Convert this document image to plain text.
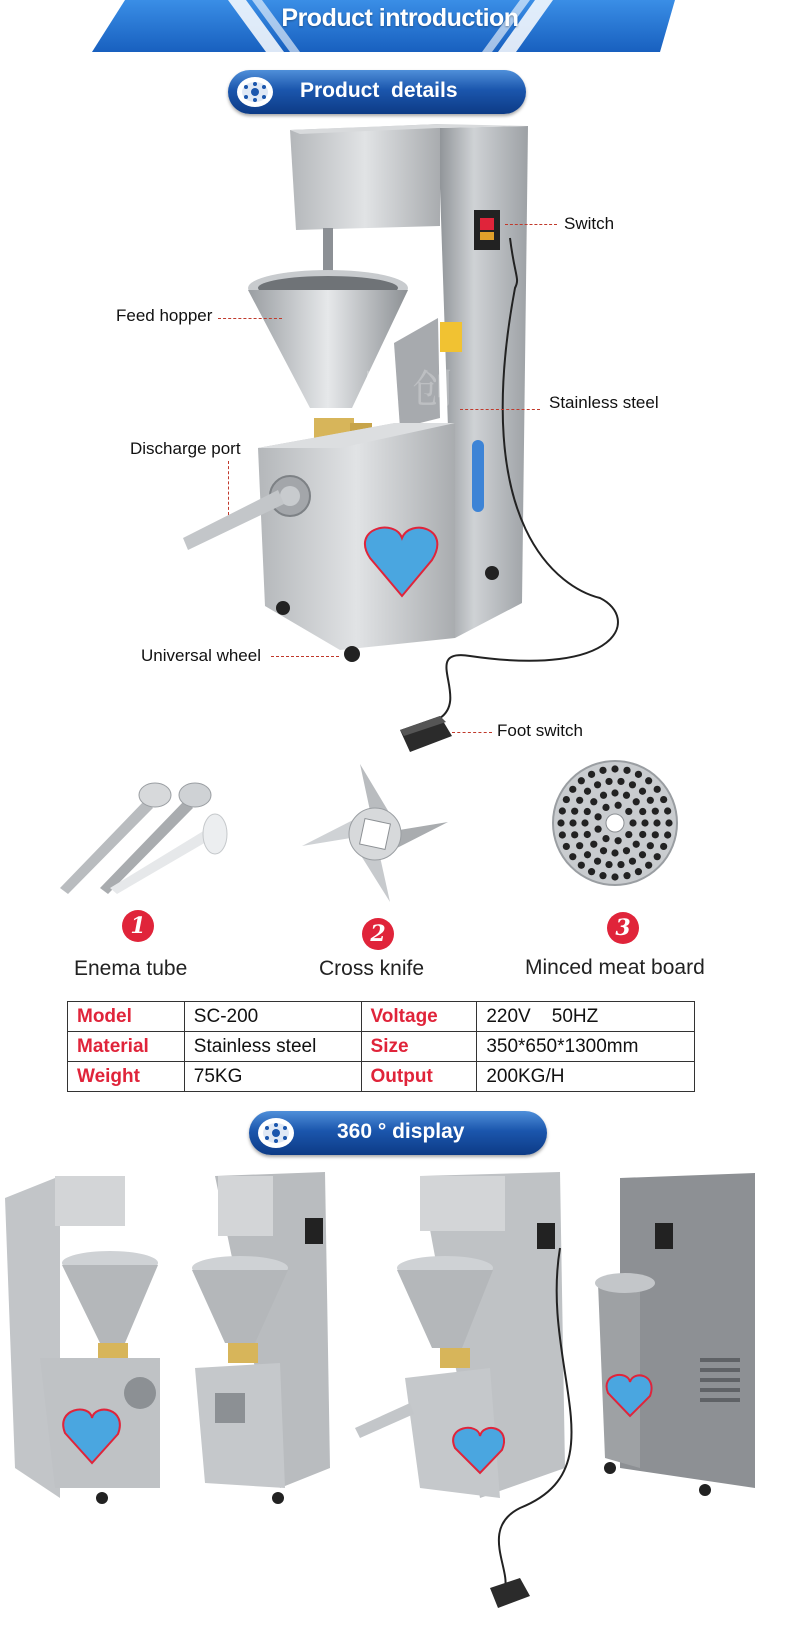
Product introduction
Product  details
思 创
Switch
Feed hopper
Stainless steel
Discharge port
Universal wheel
Foot switch
1	2	3
Enema tube	Cross knife	Minced meat board
Model	SC-200	Voltage	220V    50HZ
Material	Stainless steel	Size	350*650*1300mm
Weight	75KG	Output	200KG/H
360 ° display
